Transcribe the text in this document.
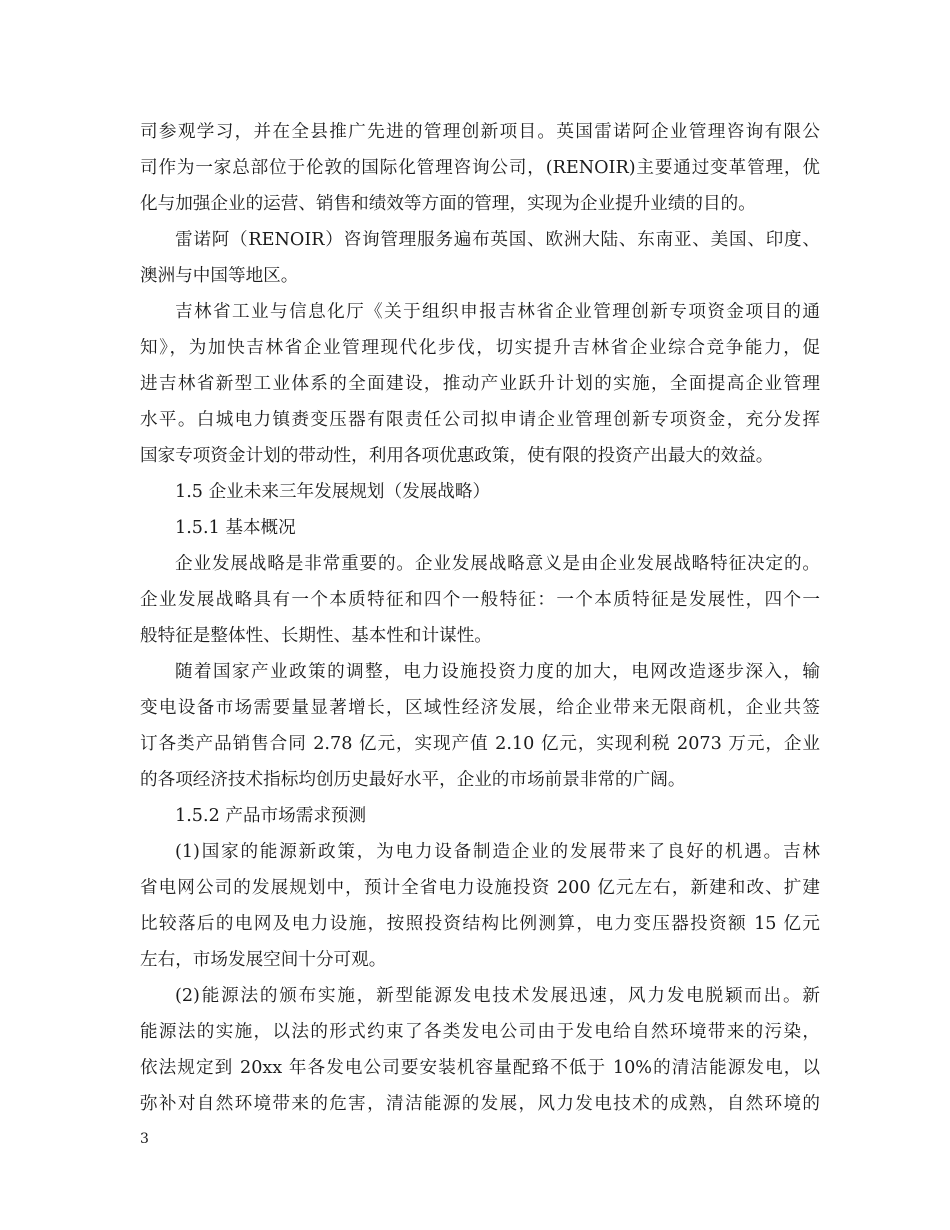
司参观学习，并在全县推广先进的管理创新项目。英国雷诺阿企业管理咨询有限公
司作为一家总部位于伦敦的国际化管理咨询公司，(RENOIR)主要通过变革管理，优
化与加强企业的运营、销售和绩效等方面的管理，实现为企业提升业绩的目的。
雷诺阿（RENOIR）咨询管理服务遍布英国、欧洲大陆、东南亚、美国、印度、
澳洲与中国等地区。
吉林省工业与信息化厅《关于组织申报吉林省企业管理创新专项资金项目的通
知》，为加快吉林省企业管理现代化步伐，切实提升吉林省企业综合竞争能力，促
进吉林省新型工业体系的全面建设，推动产业跃升计划的实施，全面提高企业管理
水平。白城电力镇赉变压器有限责任公司拟申请企业管理创新专项资金，充分发挥
国家专项资金计划的带动性，利用各项优惠政策，使有限的投资产出最大的效益。
1.5 企业未来三年发展规划（发展战略）
1.5.1 基本概况
企业发展战略是非常重要的。企业发展战略意义是由企业发展战略特征决定的。
企业发展战略具有一个本质特征和四个一般特征：一个本质特征是发展性，四个一
般特征是整体性、长期性、基本性和计谋性。
随着国家产业政策的调整，电力设施投资力度的加大，电网改造逐步深入，输
变电设备市场需要量显著增长，区域性经济发展，给企业带来无限商机，企业共签
订各类产品销售合同 2.78 亿元，实现产值 2.10 亿元，实现利税 2073 万元，企业
的各项经济技术指标均创历史最好水平，企业的市场前景非常的广阔。
1.5.2 产品市场需求预测
(1)国家的能源新政策，为电力设备制造企业的发展带来了良好的机遇。吉林
省电网公司的发展规划中，预计全省电力设施投资 200 亿元左右，新建和改、扩建
比较落后的电网及电力设施，按照投资结构比例测算，电力变压器投资额 15 亿元
左右，市场发展空间十分可观。
(2)能源法的颁布实施，新型能源发电技术发展迅速，风力发电脱颖而出。新
能源法的实施，以法的形式约束了各类发电公司由于发电给自然环境带来的污染，
依法规定到 20xx 年各发电公司要安装机容量配臵不低于 10%的清洁能源发电，以
弥补对自然环境带来的危害，清洁能源的发展，风力发电技术的成熟，自然环境的
3
